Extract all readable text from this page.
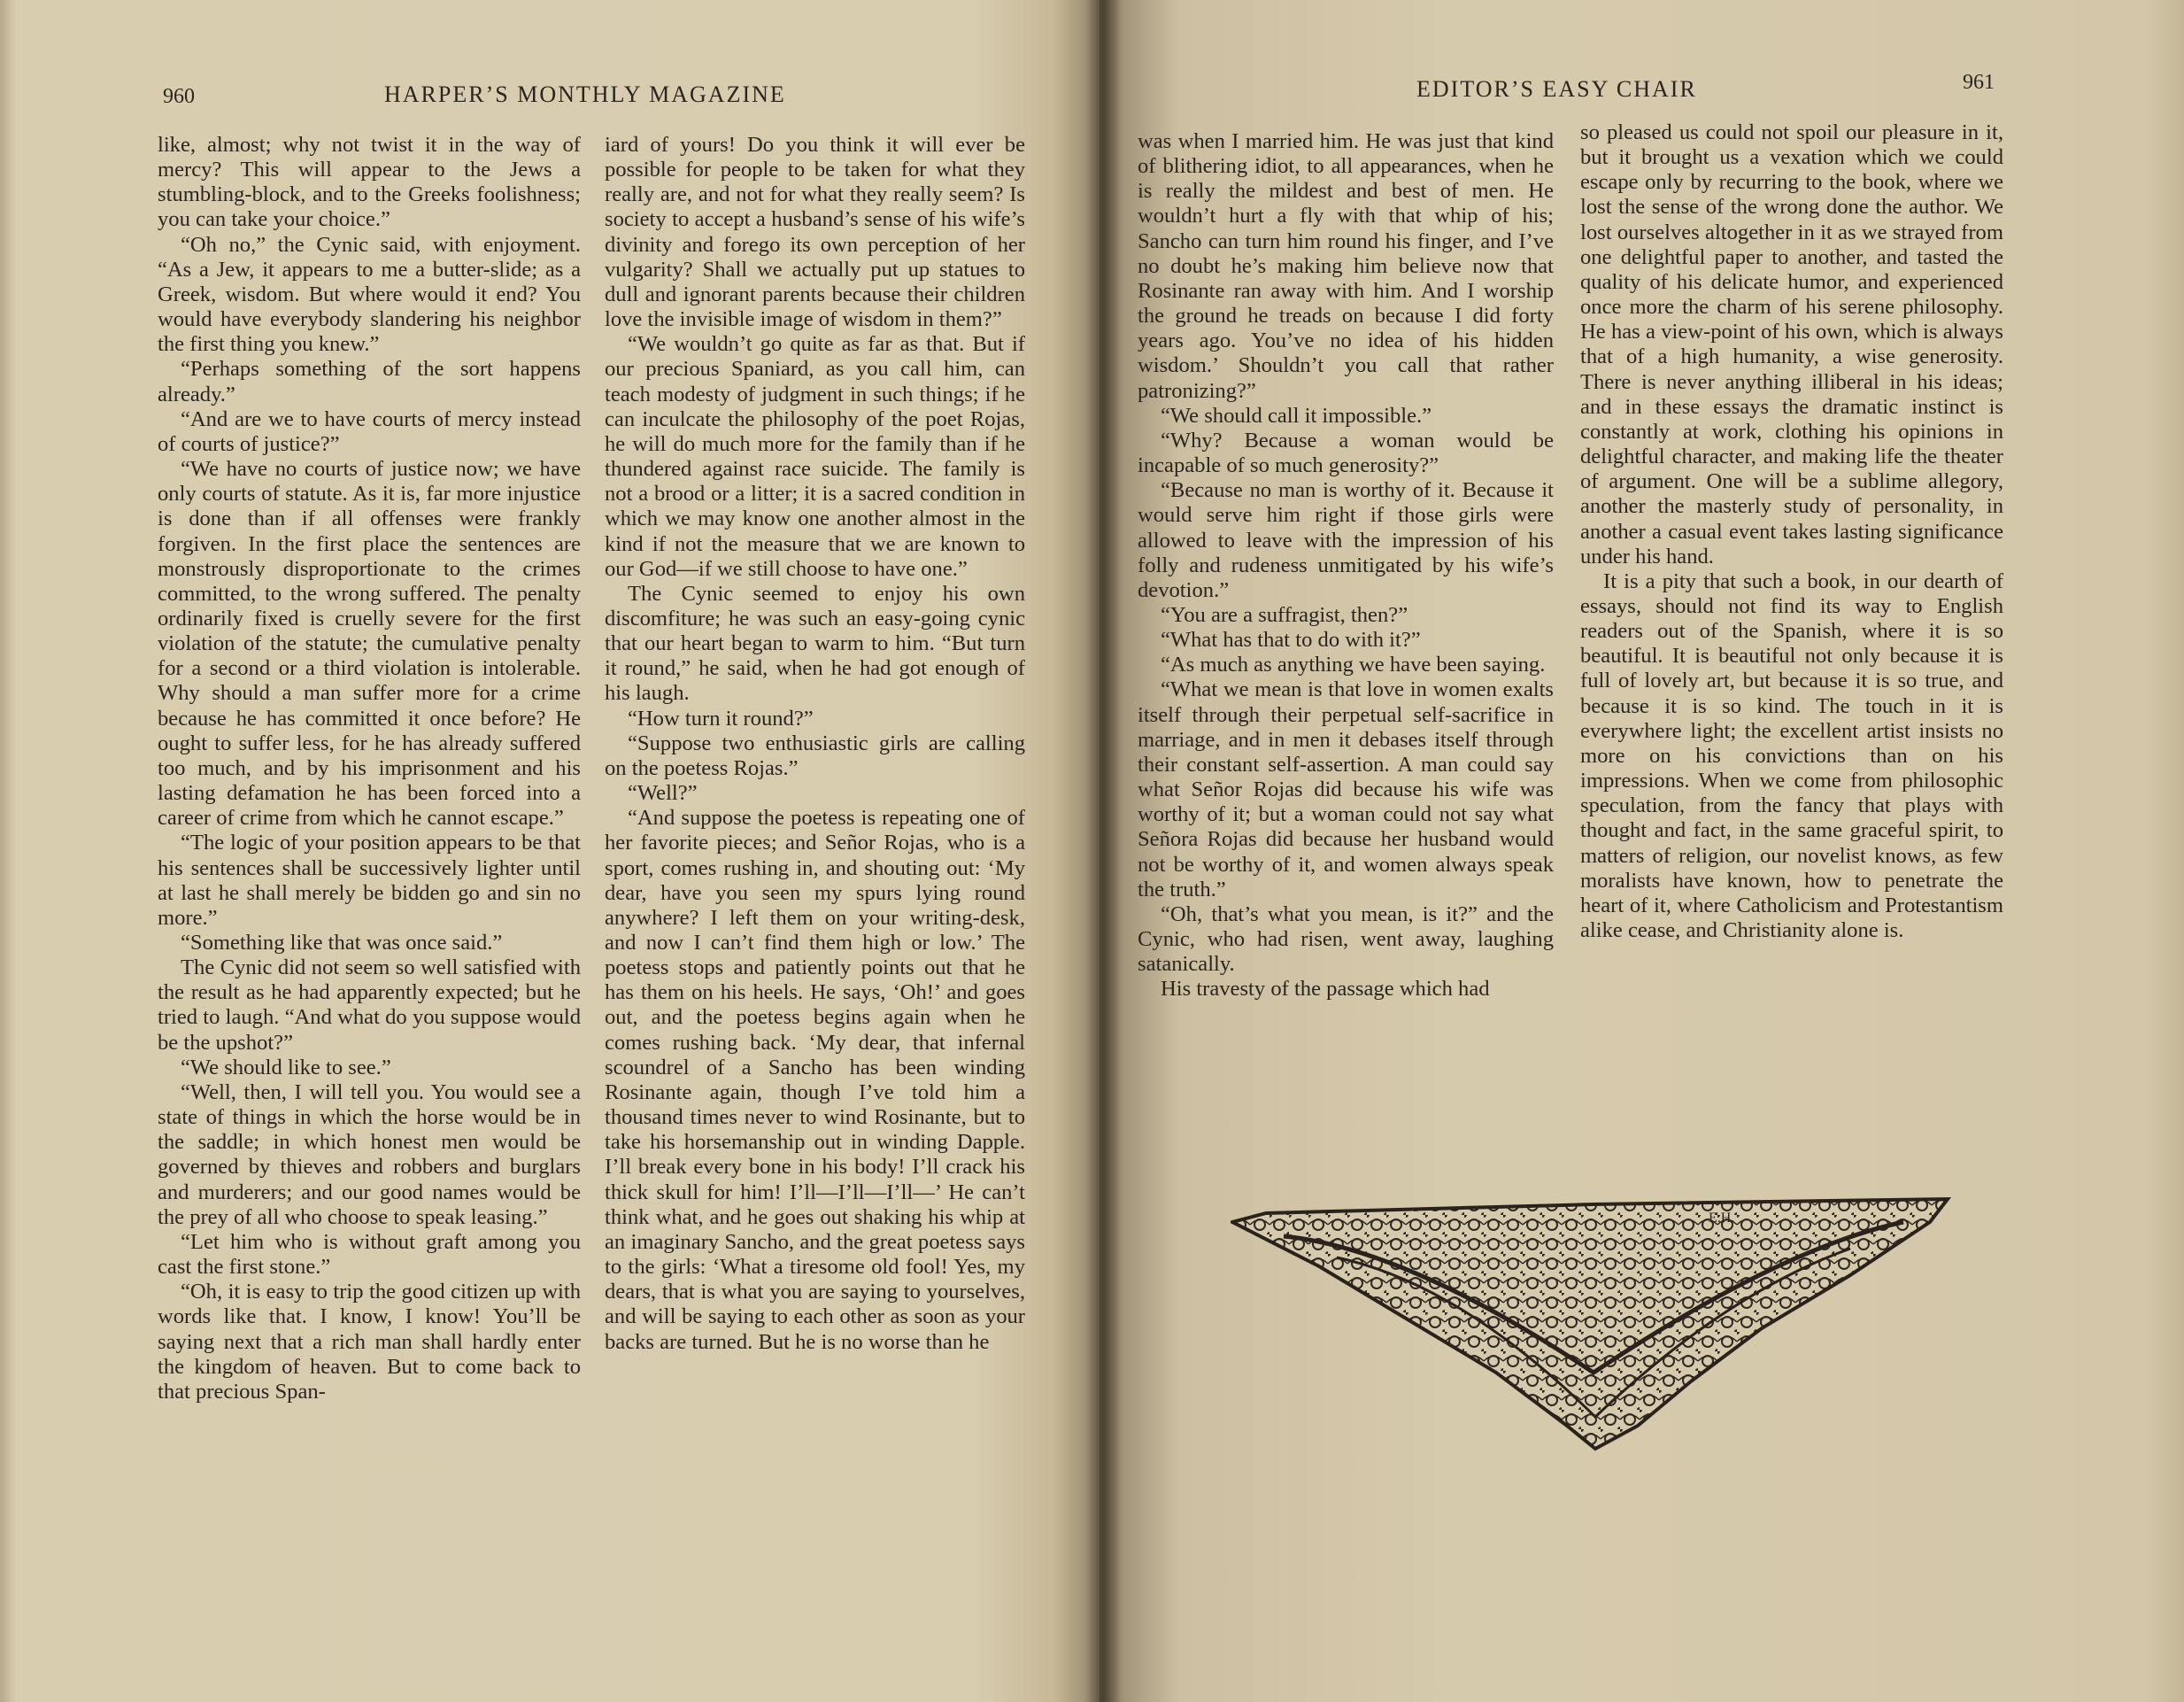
960	HARPER’S MONTHLY MAGAZINE

like, almost; why not twist it in the way of mercy? This will appear to the Jews a stumbling-block, and to the Greeks foolishness; you can take your choice.”

“Oh no,” the Cynic said, with enjoyment. “As a Jew, it appears to me a butter-slide; as a Greek, wisdom. But where would it end? You would have everybody slandering his neighbor the first thing you knew.”

“Perhaps something of the sort happens already.”

“And are we to have courts of mercy instead of courts of justice?”

“We have no courts of justice now; we have only courts of statute. As it is, far more injustice is done than if all offenses were frankly forgiven. In the first place the sentences are monstrously disproportionate to the crimes committed, to the wrong suffered. The penalty ordinarily fixed is cruelly severe for the first violation of the statute; the cumulative penalty for a second or a third violation is intolerable. Why should a man suffer more for a crime because he has committed it once before? He ought to suffer less, for he has already suffered too much, and by his imprisonment and his lasting defamation he has been forced into a career of crime from which he cannot escape.”

“The logic of your position appears to be that his sentences shall be successively lighter until at last he shall merely be bidden go and sin no more.”

“Something like that was once said.”

The Cynic did not seem so well satisfied with the result as he had apparently expected; but he tried to laugh. “And what do you suppose would be the upshot?”

“We should like to see.”

“Well, then, I will tell you. You would see a state of things in which the horse would be in the saddle; in which honest men would be governed by thieves and robbers and burglars and murderers; and our good names would be the prey of all who choose to speak leasing.”

“Let him who is without graft among you cast the first stone.”

“Oh, it is easy to trip the good citizen up with words like that. I know, I know! You’ll be saying next that a rich man shall hardly enter the kingdom of heaven. But to come back to that precious Span-

iard of yours! Do you think it will ever be possible for people to be taken for what they really are, and not for what they really seem? Is society to accept a husband’s sense of his wife’s divinity and forego its own perception of her vulgarity? Shall we actually put up statues to dull and ignorant parents because their children love the invisible image of wisdom in them?”

“We wouldn’t go quite as far as that. But if our precious Spaniard, as you call him, can teach modesty of judgment in such things; if he can inculcate the philosophy of the poet Rojas, he will do much more for the family than if he thundered against race suicide. The family is not a brood or a litter; it is a sacred condition in which we may know one another almost in the kind if not the measure that we are known to our God—if we still choose to have one.”

The Cynic seemed to enjoy his own discomfiture; he was such an easy-going cynic that our heart began to warm to him. “But turn it round,” he said, when he had got enough of his laugh.

“How turn it round?”

“Suppose two enthusiastic girls are calling on the poetess Rojas.”

“Well?”

“And suppose the poetess is repeating one of her favorite pieces; and Señor Rojas, who is a sport, comes rushing in, and shouting out: ‘My dear, have you seen my spurs lying round anywhere? I left them on your writing-desk, and now I can’t find them high or low.’ The poetess stops and patiently points out that he has them on his heels. He says, ‘Oh!’ and goes out, and the poetess begins again when he comes rushing back. ‘My dear, that infernal scoundrel of a Sancho has been winding Rosinante again, though I’ve told him a thousand times never to wind Rosinante, but to take his horsemanship out in winding Dapple. I’ll break every bone in his body! I’ll crack his thick skull for him! I’ll—I’ll—I’ll—’ He can’t think what, and he goes out shaking his whip at an imaginary Sancho, and the great poetess says to the girls: ‘What a tiresome old fool! Yes, my dears, that is what you are saying to yourselves, and will be saying to each other as soon as your backs are turned. But he is no worse than he

EDITOR’S EASY CHAIR	961

was when I married him. He was just that kind of blithering idiot, to all appearances, when he is really the mildest and best of men. He wouldn’t hurt a fly with that whip of his; Sancho can turn him round his finger, and I’ve no doubt he’s making him believe now that Rosinante ran away with him. And I worship the ground he treads on because I did forty years ago. You’ve no idea of his hidden wisdom.’ Shouldn’t you call that rather patronizing?”

“We should call it impossible.”

“Why? Because a woman would be incapable of so much generosity?”

“Because no man is worthy of it. Because it would serve him right if those girls were allowed to leave with the impression of his folly and rudeness unmitigated by his wife’s devotion.”

“You are a suffragist, then?”

“What has that to do with it?”

“As much as anything we have been saying.

“What we mean is that love in women exalts itself through their perpetual self-sacrifice in marriage, and in men it debases itself through their constant self-assertion. A man could say what Señor Rojas did because his wife was worthy of it; but a woman could not say what Señora Rojas did because her husband would not be worthy of it, and women always speak the truth.”

“Oh, that’s what you mean, is it?” and the Cynic, who had risen, went away, laughing satanically.

His travesty of the passage which had

so pleased us could not spoil our pleasure in it, but it brought us a vexation which we could escape only by recurring to the book, where we lost the sense of the wrong done the author. We lost ourselves altogether in it as we strayed from one delightful paper to another, and tasted the quality of his delicate humor, and experienced once more the charm of his serene philosophy. He has a view-point of his own, which is always that of a high humanity, a wise generosity. There is never anything illiberal in his ideas; and in these essays the dramatic instinct is constantly at work, clothing his opinions in delightful character, and making life the theater of argument. One will be a sublime allegory, another the masterly study of personality, in another a casual event takes lasting significance under his hand.

It is a pity that such a book, in our dearth of essays, should not find its way to English readers out of the Spanish, where it is so beautiful. It is beautiful not only because it is full of lovely art, but because it is so true, and because it is so kind. The touch in it is everywhere light; the excellent artist insists no more on his convictions than on his impressions. When we come from philosophic speculation, from the fancy that plays with thought and fact, in the same graceful spirit, to matters of religion, our novelist knows, as few moralists have known, how to penetrate the heart of it, where Catholicism and Protestantism alike cease, and Christianity alone is.

E.H.
